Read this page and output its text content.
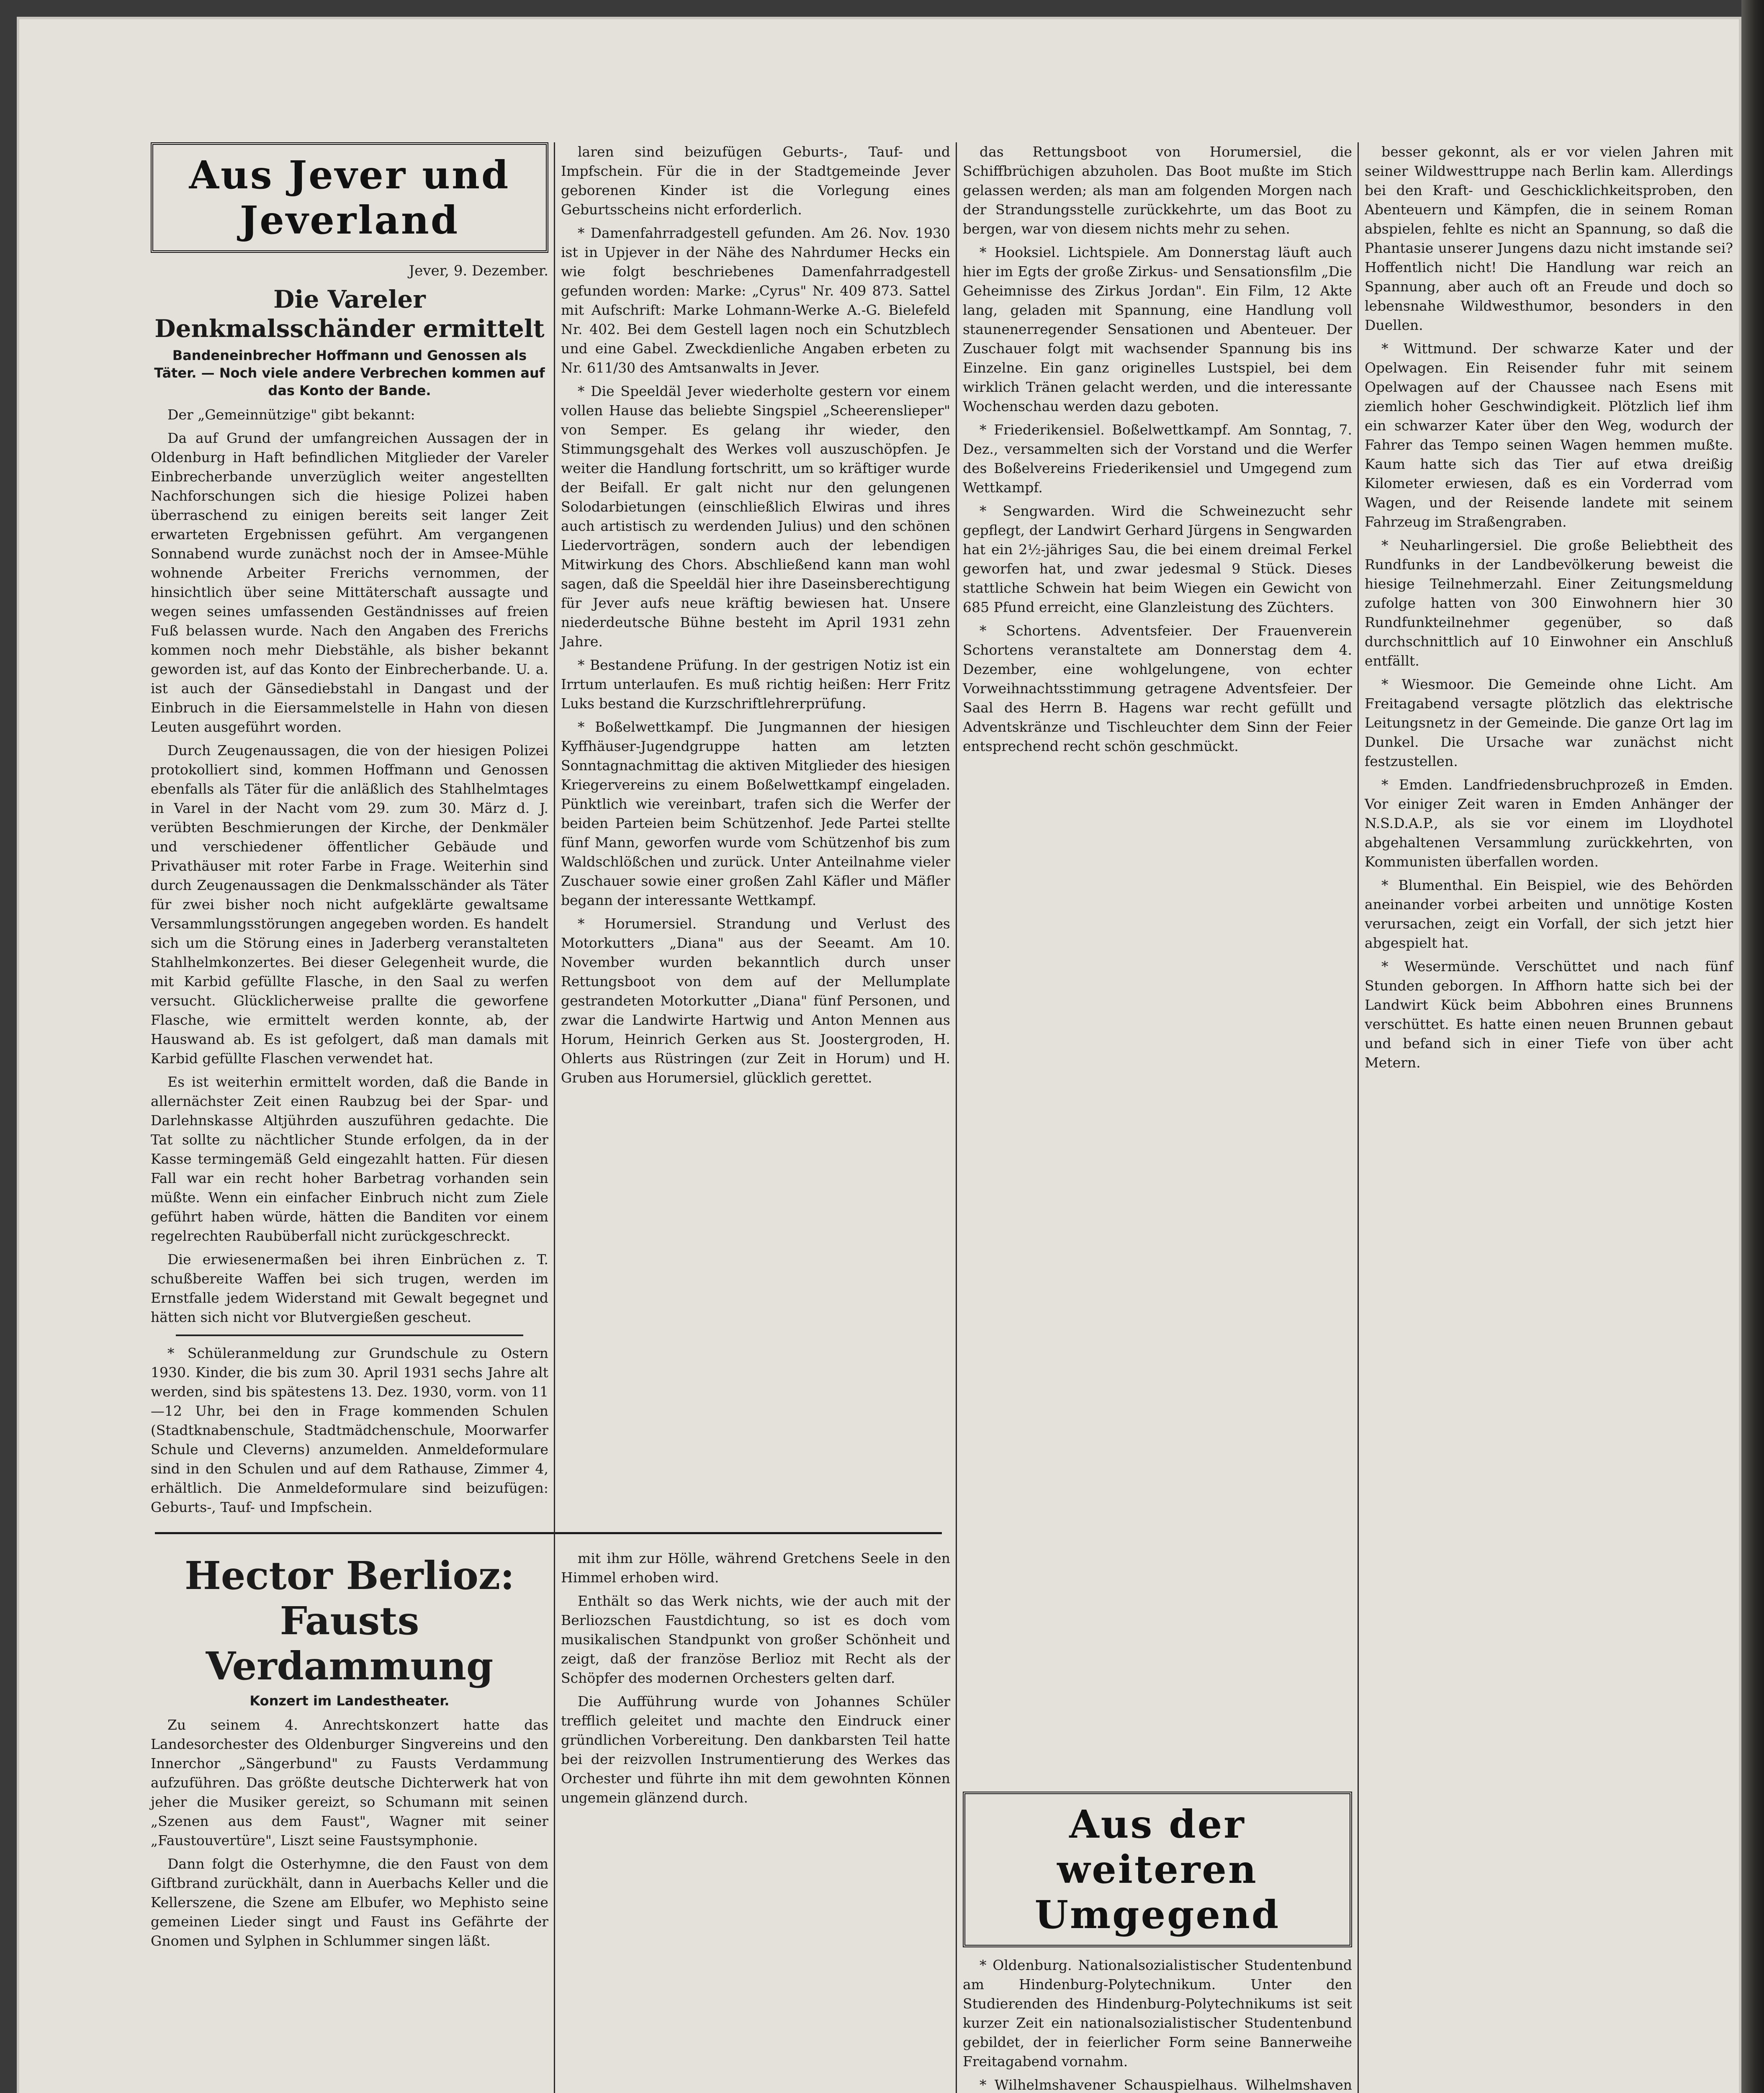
Aus Jever und Jeverland

Jever, 9. Dezember.

Die Vareler Denkmalsschänder ermittelt
Bandeneinbrecher Hoffmann und Genossen als Täter. — Noch viele andere Verbrechen kommen auf das Konto der Bande.

Der „Gemeinnützige" gibt bekannt:

Da auf Grund der umfangreichen Aussagen der in Oldenburg in Haft befindlichen Mitglieder der Vareler Einbrecherbande unverzüglich weiter angestellten Nachforschungen sich die hiesige Polizei haben überraschend zu einigen bereits seit langer Zeit erwarteten Ergebnissen geführt. Am vergangenen Sonnabend wurde zunächst noch der in Amsee-Mühle wohnende Arbeiter Frerichs vernommen, der hinsichtlich über seine Mittäterschaft aussagte und wegen seines umfassenden Geständnisses auf freien Fuß belassen wurde. Nach den Angaben des Frerichs kommen noch mehr Diebstähle, als bisher bekannt geworden ist, auf das Konto der Einbrecherbande. U. a. ist auch der Gänsediebstahl in Dangast und der Einbruch in die Eiersammelstelle in Hahn von diesen Leuten ausgeführt worden.

Durch Zeugenaussagen, die von der hiesigen Polizei protokolliert sind, kommen Hoffmann und Genossen ebenfalls als Täter für die anläßlich des Stahlhelmtages in Varel in der Nacht vom 29. zum 30. März d. J. verübten Beschmierungen der Kirche, der Denkmäler und verschiedener öffentlicher Gebäude und Privathäuser mit roter Farbe in Frage. Weiterhin sind durch Zeugenaussagen die Denkmalsschänder als Täter für zwei bisher noch nicht aufgeklärte gewaltsame Versammlungsstörungen angegeben worden. Es handelt sich um die Störung eines in Jaderberg veranstalteten Stahlhelmkonzertes. Bei dieser Gelegenheit wurde, die mit Karbid gefüllte Flasche, in den Saal zu werfen versucht. Glücklicherweise prallte die geworfene Flasche, wie ermittelt werden konnte, ab, der Hauswand ab. Es ist gefolgert, daß man damals mit Karbid gefüllte Flaschen verwendet hat.

Es ist weiterhin ermittelt worden, daß die Bande in allernächster Zeit einen Raubzug bei der Spar- und Darlehnskasse Altjührden auszuführen gedachte. Die Tat sollte zu nächtlicher Stunde erfolgen, da in der Kasse termingemäß Geld eingezahlt hatten. Für diesen Fall war ein recht hoher Barbetrag vorhanden sein müßte. Wenn ein einfacher Einbruch nicht zum Ziele geführt haben würde, hätten die Banditen vor einem regelrechten Raubüberfall nicht zurückgeschreckt.

Die erwiesenermaßen bei ihren Einbrüchen z. T. schußbereite Waffen bei sich trugen, werden im Ernstfalle jedem Widerstand mit Gewalt begegnet und hätten sich nicht vor Blutvergießen gescheut.

* Schüleranmeldung zur Grundschule zu Ostern 1930. Kinder, die bis zum 30. April 1931 sechs Jahre alt werden, sind bis spätestens 13. Dez. 1930, vorm. von 11—12 Uhr, bei den in Frage kommenden Schulen (Stadtknabenschule, Stadtmädchenschule, Moorwarfer Schule und Cleverns) anzumelden. Anmeldeformulare sind in den Schulen und auf dem Rathause, Zimmer 4, erhältlich. Die Anmeldeformulare sind beizufügen: Geburts-, Tauf- und Impfschein.

laren sind beizufügen Geburts-, Tauf- und Impfschein. Für die in der Stadtgemeinde Jever geborenen Kinder ist die Vorlegung eines Geburtsscheins nicht erforderlich.

* Damenfahrradgestell gefunden. Am 26. Nov. 1930 ist in Upjever in der Nähe des Nahrdumer Hecks ein wie folgt beschriebenes Damenfahrradgestell gefunden worden: Marke: „Cyrus" Nr. 409 873. Sattel mit Aufschrift: Marke Lohmann-Werke A.-G. Bielefeld Nr. 402. Bei dem Gestell lagen noch ein Schutzblech und eine Gabel. Zweckdienliche Angaben erbeten zu Nr. 611/30 des Amtsanwalts in Jever.

* Die Speeldäl Jever wiederholte gestern vor einem vollen Hause das beliebte Singspiel „Scheerenslieper" von Semper. Es gelang ihr wieder, den Stimmungsgehalt des Werkes voll auszuschöpfen. Je weiter die Handlung fortschritt, um so kräftiger wurde der Beifall. Er galt nicht nur den gelungenen Solodarbietungen (einschließlich Elwiras und ihres auch artistisch zu werdenden Julius) und den schönen Liedervorträgen, sondern auch der lebendigen Mitwirkung des Chors. Abschließend kann man wohl sagen, daß die Speeldäl hier ihre Daseinsberechtigung für Jever aufs neue kräftig bewiesen hat. Unsere niederdeutsche Bühne besteht im April 1931 zehn Jahre.

* Bestandene Prüfung. In der gestrigen Notiz ist ein Irrtum unterlaufen. Es muß richtig heißen: Herr Fritz Luks bestand die Kurzschriftlehrerprüfung.

* Boßelwettkampf. Die Jungmannen der hiesigen Kyffhäuser-Jugendgruppe hatten am letzten Sonntagnachmittag die aktiven Mitglieder des hiesigen Kriegervereins zu einem Boßelwettkampf eingeladen. Pünktlich wie vereinbart, trafen sich die Werfer der beiden Parteien beim Schützenhof. Jede Partei stellte fünf Mann, geworfen wurde vom Schützenhof bis zum Waldschlößchen und zurück. Unter Anteilnahme vieler Zuschauer sowie einer großen Zahl Käfler und Mäfler begann der interessante Wettkampf.

* Horumersiel. Strandung und Verlust des Motorkutters „Diana" aus der Seeamt. Am 10. November wurden bekanntlich durch unser Rettungsboot von dem auf der Mellumplate gestrandeten Motorkutter „Diana" fünf Personen, und zwar die Landwirte Hartwig und Anton Mennen aus Horum, Heinrich Gerken aus St. Joostergroden, H. Ohlerts aus Rüstringen (zur Zeit in Horum) und H. Gruben aus Horumersiel, glücklich gerettet.

das Rettungsboot von Horumersiel, die Schiffbrüchigen abzuholen. Das Boot mußte im Stich gelassen werden; als man am folgenden Morgen nach der Strandungsstelle zurückkehrte, um das Boot zu bergen, war von diesem nichts mehr zu sehen.

* Hooksiel. Lichtspiele. Am Donnerstag läuft auch hier im Egts der große Zirkus- und Sensationsfilm „Die Geheimnisse des Zirkus Jordan". Ein Film, 12 Akte lang, geladen mit Spannung, eine Handlung voll staunenerregender Sensationen und Abenteuer. Der Zuschauer folgt mit wachsender Spannung bis ins Einzelne. Ein ganz originelles Lustspiel, bei dem wirklich Tränen gelacht werden, und die interessante Wochenschau werden dazu geboten.

* Friederikensiel. Boßelwettkampf. Am Sonntag, 7. Dez., versammelten sich der Vorstand und die Werfer des Boßelvereins Friederikensiel und Umgegend zum Wettkampf.

* Sengwarden. Wird die Schweinezucht sehr gepflegt, der Landwirt Gerhard Jürgens in Sengwarden hat ein 2½-jähriges Sau, die bei einem dreimal Ferkel geworfen hat, und zwar jedesmal 9 Stück. Dieses stattliche Schwein hat beim Wiegen ein Gewicht von 685 Pfund erreicht, eine Glanzleistung des Züchters.

* Schortens. Adventsfeier. Der Frauenverein Schortens veranstaltete am Donnerstag dem 4. Dezember, eine wohlgelungene, von echter Vorweihnachtsstimmung getragene Adventsfeier. Der Saal des Herrn B. Hagens war recht gefüllt und Adventskränze und Tischleuchter dem Sinn der Feier entsprechend recht schön geschmückt.

besser gekonnt, als er vor vielen Jahren mit seiner Wildwesttruppe nach Berlin kam. Allerdings bei den Kraft- und Geschicklichkeitsproben, den Abenteuern und Kämpfen, die in seinem Roman abspielen, fehlte es nicht an Spannung, so daß die Phantasie unserer Jungens dazu nicht imstande sei? Hoffentlich nicht! Die Handlung war reich an Spannung, aber auch oft an Freude und doch so lebensnahe Wildwesthumor, besonders in den Duellen.

* Wittmund. Der schwarze Kater und der Opelwagen. Ein Reisender fuhr mit seinem Opelwagen auf der Chaussee nach Esens mit ziemlich hoher Geschwindigkeit. Plötzlich lief ihm ein schwarzer Kater über den Weg, wodurch der Fahrer das Tempo seinen Wagen hemmen mußte. Kaum hatte sich das Tier auf etwa dreißig Kilometer erwiesen, daß es ein Vorderrad vom Wagen, und der Reisende landete mit seinem Fahrzeug im Straßengraben.

* Neuharlingersiel. Die große Beliebtheit des Rundfunks in der Landbevölkerung beweist die hiesige Teilnehmerzahl. Einer Zeitungsmeldung zufolge hatten von 300 Einwohnern hier 30 Rundfunkteilnehmer gegenüber, so daß durchschnittlich auf 10 Einwohner ein Anschluß entfällt.

* Wiesmoor. Die Gemeinde ohne Licht. Am Freitagabend versagte plötzlich das elektrische Leitungsnetz in der Gemeinde. Die ganze Ort lag im Dunkel. Die Ursache war zunächst nicht festzustellen.

* Emden. Landfriedensbruchprozeß in Emden. Vor einiger Zeit waren in Emden Anhänger der N.S.D.A.P., als sie vor einem im Lloydhotel abgehaltenen Versammlung zurückkehrten, von Kommunisten überfallen worden.

* Blumenthal. Ein Beispiel, wie des Behörden aneinander vorbei arbeiten und unnötige Kosten verursachen, zeigt ein Vorfall, der sich jetzt hier abgespielt hat.

* Wesermünde. Verschüttet und nach fünf Stunden geborgen. In Affhorn hatte sich bei der Landwirt Kück beim Abbohren eines Brunnens verschüttet. Es hatte einen neuen Brunnen gebaut und befand sich in einer Tiefe von über acht Metern.

Hector Berlioz: Fausts Verdammung
Konzert im Landestheater.

Zu seinem 4. Anrechtskonzert hatte das Landesorchester des Oldenburger Singvereins und den Innerchor „Sängerbund" zu Fausts Verdammung aufzuführen. Das größte deutsche Dichterwerk hat von jeher die Musiker gereizt, so Schumann mit seinen „Szenen aus dem Faust", Wagner mit seiner „Faustouvertüre", Liszt seine Faustsymphonie.

Dann folgt die Osterhymne, die den Faust von dem Giftbrand zurückhält, dann in Auerbachs Keller und die Kellerszene, die Szene am Elbufer, wo Mephisto seine gemeinen Lieder singt und Faust ins Gefährte der Gnomen und Sylphen in Schlummer singen läßt.

mit ihm zur Hölle, während Gretchens Seele in den Himmel erhoben wird.

Enthält so das Werk nichts, wie der auch mit der Berliozschen Faustdichtung, so ist es doch vom musikalischen Standpunkt von großer Schönheit und zeigt, daß der französe Berlioz mit Recht als der Schöpfer des modernen Orchesters gelten darf.

Die Aufführung wurde von Johannes Schüler trefflich geleitet und machte den Eindruck einer gründlichen Vorbereitung. Den dankbarsten Teil hatte bei der reizvollen Instrumentierung des Werkes das Orchester und führte ihn mit dem gewohnten Können ungemein glänzend durch.

Aus der weiteren Umgegend

* Oldenburg. Nationalsozialistischer Studentenbund am Hindenburg-Polytechnikum. Unter den Studierenden des Hindenburg-Polytechnikums ist seit kurzer Zeit ein nationalsozialistischer Studentenbund gebildet, der in feierlicher Form seine Bannerweihe Freitagabend vornahm.

* Wilhelmshavener Schauspielhaus. Wilhelmshaven
